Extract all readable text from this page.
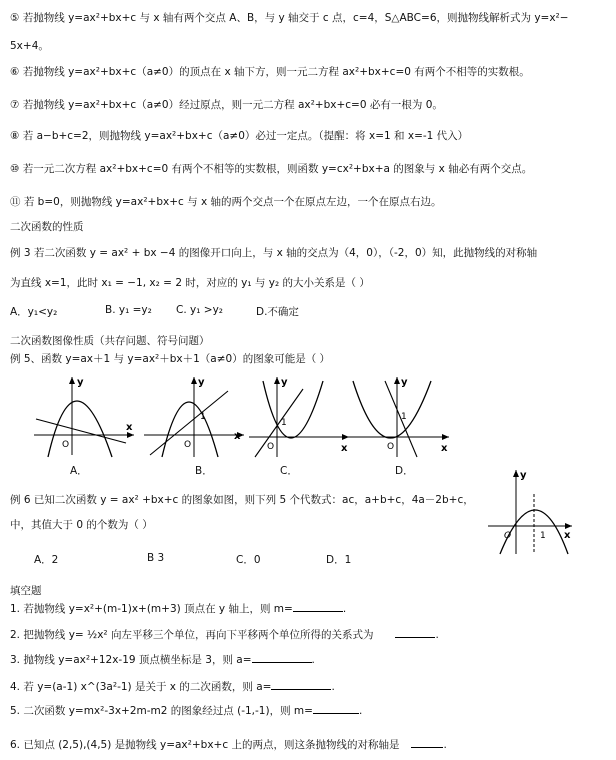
⑤ 若抛物线 y=ax²+bx+c 与 x 轴有两个交点 A、B，与 y 轴交于 c 点，c=4，S△ABC=6，则抛物线解析式为 y=x²−
5x+4。
⑥ 若抛物线 y=ax²+bx+c（a≠0）的顶点在 x 轴下方，则一元二方程 ax²+bx+c=0 有两个不相等的实数根。
⑦ 若抛物线 y=ax²+bx+c（a≠0）经过原点，则一元二方程 ax²+bx+c=0 必有一根为 0。
⑧ 若 a−b+c=2，则抛物线 y=ax²+bx+c（a≠0）必过一定点。（提醒：将 x=1 和 x=-1 代入）
⑩ 若一元二次方程 ax²+bx+c=0 有两个不相等的实数根，则函数 y=cx²+bx+a 的图象与 x 轴必有两个交点。
⑪ 若 b=0，则抛物线 y=ax²+bx+c 与 x 轴的两个交点一个在原点左边，一个在原点右边。
二次函数的性质
例 3 若二次函数 y = ax² + bx −4 的图像开口向上，与 x 轴的交点为（4，0），（-2，0）知，此抛物线的对称轴
为直线 x=1，此时 x₁ = −1, x₂ = 2 时，对应的 y₁ 与 y₂ 的大小关系是（ ）
A．y₁<y₂	B. y₁ =y₂ C. y₁ >y₂	D.不确定
二次函数图像性质（共存问题、符号问题）
例 5、函数 y=ax＋1 与 y=ax²＋bx＋1（a≠0）的图象可能是（ ）
y
x
O
A．
y
x
O
1
B．
y
x
O
1
C．
y
x
O
1
D．
例 6 已知二次函数 y = ax² +bx+c 的图象如图，则下列 5 个代数式：ac，a+b+c，4a－2b+c，
中，其值大于 0 的个数为（ ）
A．2	B 3	C．0	D．1
y
x
O	1
填空题
1. 若抛物线 y=x²+(m-1)x+(m+3) 顶点在 y 轴上，则 m=	.
2. 把抛物线 y= ½x² 向左平移三个单位，再向下平移两个单位所得的关系式为	.
3. 抛物线 y=ax²+12x-19 顶点横坐标是 3，则 a=	.
4. 若 y=(a-1) x^(3a²-1) 是关于 x 的二次函数，则 a=	.
5. 二次函数 y=mx²-3x+2m-m2 的图象经过点 (-1,-1)，则 m=	.
6. 已知点 (2,5),(4,5) 是抛物线 y=ax²+bx+c 上的两点，则这条抛物线的对称轴是	.
